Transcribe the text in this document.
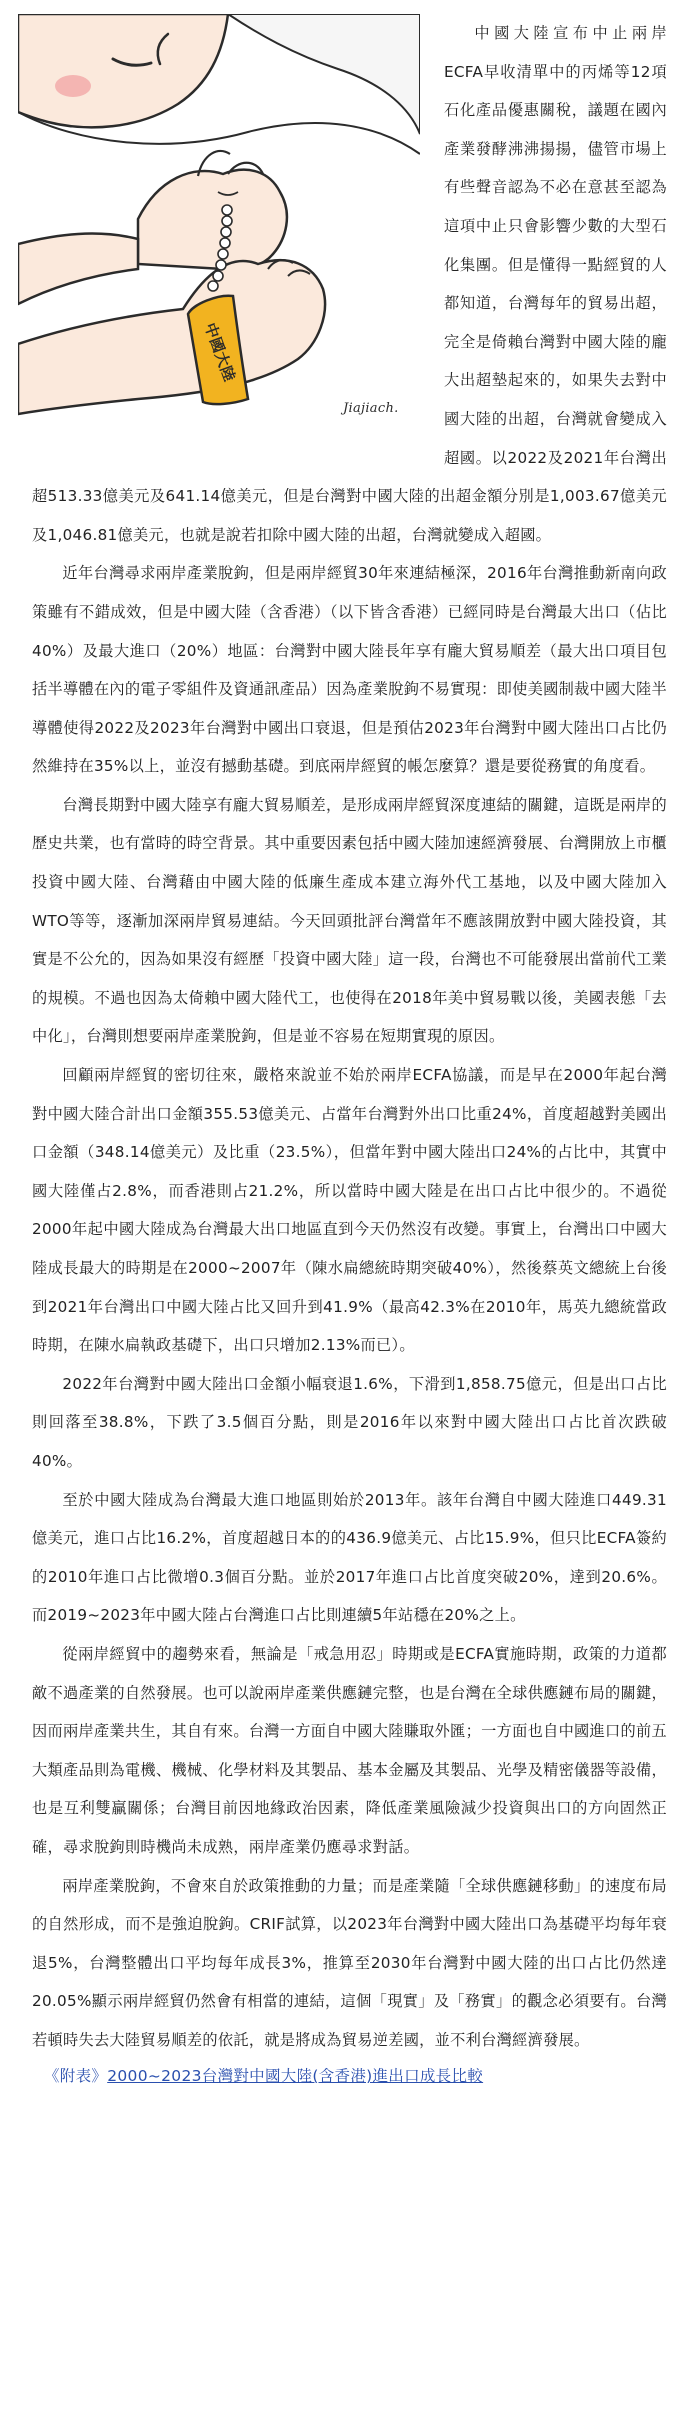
中國大陸
Jiajiach.

中國大陸宣布中止兩岸ECFA早收清單中的丙烯等12項石化產品優惠關稅，議題在國內產業發酵沸沸揚揚，儘管市場上有些聲音認為不必在意甚至認為這項中止只會影響少數的大型石化集團。但是懂得一點經貿的人都知道，台灣每年的貿易出超，完全是倚賴台灣對中國大陸的龐大出超墊起來的，如果失去對中國大陸的出超，台灣就會變成入超國。以2022及2021年台灣出超513.33億美元及641.14億美元，但是台灣對中國大陸的出超金額分別是1,003.67億美元及1,046.81億美元，也就是說若扣除中國大陸的出超，台灣就變成入超國。

近年台灣尋求兩岸產業脫鉤，但是兩岸經貿30年來連結極深，2016年台灣推動新南向政策雖有不錯成效，但是中國大陸（含香港）（以下皆含香港）已經同時是台灣最大出口（佔比40%）及最大進口（20%）地區：台灣對中國大陸長年享有龐大貿易順差（最大出口項目包括半導體在內的電子零組件及資通訊產品）因為產業脫鉤不易實現：即使美國制裁中國大陸半導體使得2022及2023年台灣對中國出口衰退，但是預估2023年台灣對中國大陸出口占比仍然維持在35%以上，並沒有撼動基礎。到底兩岸經貿的帳怎麼算？還是要從務實的角度看。

台灣長期對中國大陸享有龐大貿易順差，是形成兩岸經貿深度連結的關鍵，這既是兩岸的歷史共業，也有當時的時空背景。其中重要因素包括中國大陸加速經濟發展、台灣開放上市櫃投資中國大陸、台灣藉由中國大陸的低廉生產成本建立海外代工基地，以及中國大陸加入WTO等等，逐漸加深兩岸貿易連結。今天回頭批評台灣當年不應該開放對中國大陸投資，其實是不公允的，因為如果沒有經歷「投資中國大陸」這一段，台灣也不可能發展出當前代工業的規模。不過也因為太倚賴中國大陸代工，也使得在2018年美中貿易戰以後，美國表態「去中化」，台灣則想要兩岸產業脫鉤，但是並不容易在短期實現的原因。

回顧兩岸經貿的密切往來，嚴格來說並不始於兩岸ECFA協議，而是早在2000年起台灣對中國大陸合計出口金額355.53億美元、占當年台灣對外出口比重24%，首度超越對美國出口金額（348.14億美元）及比重（23.5%），但當年對中國大陸出口24%的占比中，其實中國大陸僅占2.8%，而香港則占21.2%，所以當時中國大陸是在出口占比中很少的。不過從2000年起中國大陸成為台灣最大出口地區直到今天仍然沒有改變。事實上，台灣出口中國大陸成長最大的時期是在2000~2007年（陳水扁總統時期突破40%），然後蔡英文總統上台後到2021年台灣出口中國大陸占比又回升到41.9%（最高42.3%在2010年，馬英九總統當政時期，在陳水扁執政基礎下，出口只增加2.13%而已）。

2022年台灣對中國大陸出口金額小幅衰退1.6%，下滑到1,858.75億元，但是出口占比則回落至38.8%，下跌了3.5個百分點，則是2016年以來對中國大陸出口占比首次跌破40%。

至於中國大陸成為台灣最大進口地區則始於2013年。該年台灣自中國大陸進口449.31億美元，進口占比16.2%，首度超越日本的的436.9億美元、占比15.9%，但只比ECFA簽約的2010年進口占比微增0.3個百分點。並於2017年進口占比首度突破20%，達到20.6%。而2019~2023年中國大陸占台灣進口占比則連續5年站穩在20%之上。

從兩岸經貿中的趨勢來看，無論是「戒急用忍」時期或是ECFA實施時期，政策的力道都敵不過產業的自然發展。也可以說兩岸產業供應鏈完整，也是台灣在全球供應鏈布局的關鍵，因而兩岸產業共生，其自有來。台灣一方面自中國大陸賺取外匯；一方面也自中國進口的前五大類產品則為電機、機械、化學材料及其製品、基本金屬及其製品、光學及精密儀器等設備，也是互利雙贏關係；台灣目前因地緣政治因素，降低產業風險減少投資與出口的方向固然正確，尋求脫鉤則時機尚未成熟，兩岸產業仍應尋求對話。

兩岸產業脫鉤，不會來自於政策推動的力量；而是產業隨「全球供應鏈移動」的速度布局的自然形成，而不是強迫脫鉤。CRIF試算，以2023年台灣對中國大陸出口為基礎平均每年衰退5%，台灣整體出口平均每年成長3%，推算至2030年台灣對中國大陸的出口占比仍然達20.05%顯示兩岸經貿仍然會有相當的連結，這個「現實」及「務實」的觀念必須要有。台灣若頓時失去大陸貿易順差的依託，就是將成為貿易逆差國，並不利台灣經濟發展。

《附表》2000~2023台灣對中國大陸(含香港)進出口成長比較
